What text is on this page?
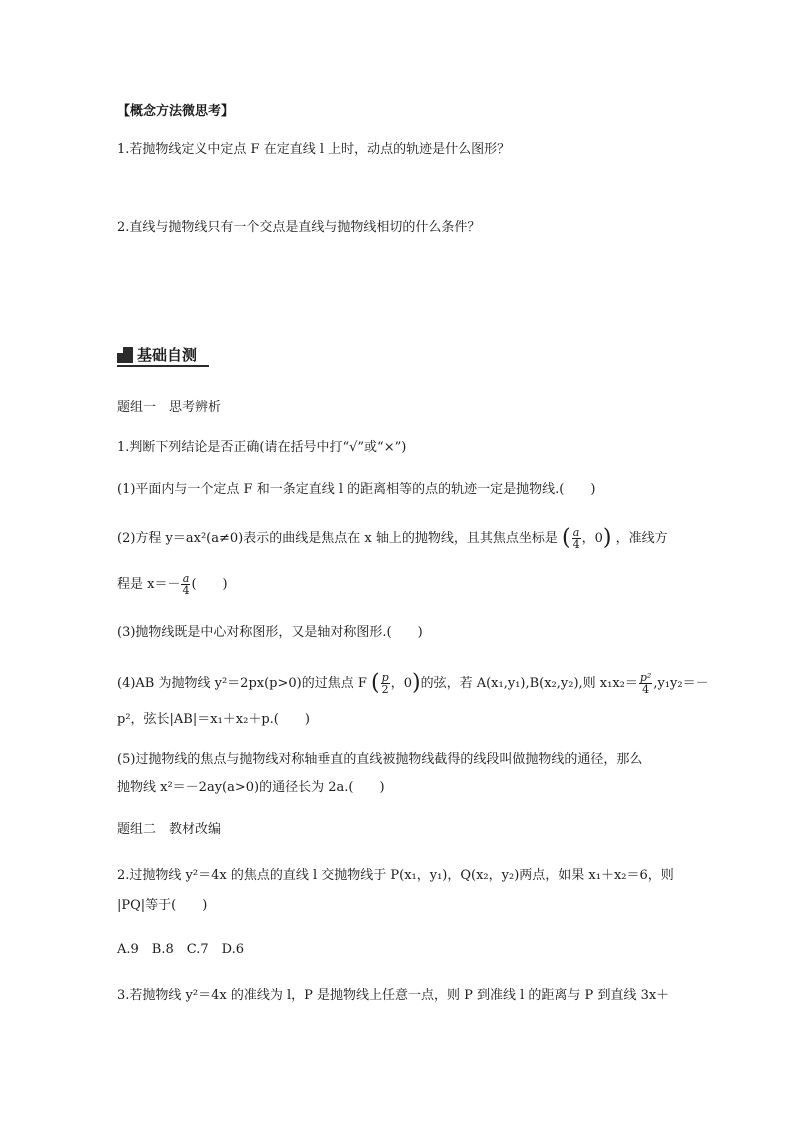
【概念方法微思考】
1.若抛物线定义中定点 F 在定直线 l 上时，动点的轨迹是什么图形？
2.直线与抛物线只有一个交点是直线与抛物线相切的什么条件？
基础自测
题组一　思考辨析
1.判断下列结论是否正确(请在括号中打“√”或“×”)
(1)平面内与一个定点 F 和一条定直线 l 的距离相等的点的轨迹一定是抛物线.(　　)
(2)方程 y＝ax²(a≠0)表示的曲线是焦点在 x 轴上的抛物线，且其焦点坐标是 ( $\frac{a}{4}$ ，0) ，准线方
程是 $x=- \frac{a}{4}$ (　　)
(3)抛物线既是中心对称图形，又是轴对称图形.(　　)
(4)AB 为抛物线 y²＝2px(p>0)的过焦点 F ( $\frac{p}{2}$ ，0)的弦，若 A(x₁,y₁),B(x₂,y₂),则 $x_1x_2= \frac{\text{p²}}{4} ,y_1y_2=-$
p²，弦长|AB|＝x₁＋x₂＋p.(　　)
(5)过抛物线的焦点与抛物线对称轴垂直的直线被抛物线截得的线段叫做抛物线的通径，那么
抛物线 x²＝－2ay(a>0)的通径长为 2a.(　　)
题组二　教材改编
2.过抛物线 y²＝4x 的焦点的直线 l 交抛物线于 P(x₁，y₁)，Q(x₂，y₂)两点，如果 x₁＋x₂＝6，则
|PQ|等于(　　)
A.9　B.8　C.7　D.6
3.若抛物线 y²＝4x 的准线为 l，P 是抛物线上任意一点，则 P 到准线 l 的距离与 P 到直线 3x＋
